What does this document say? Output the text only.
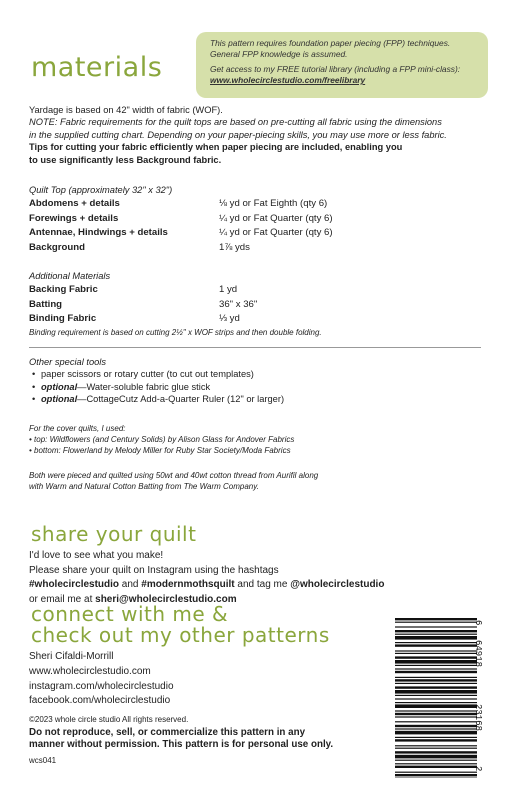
This pattern requires foundation paper piecing (FPP) techniques.
General FPP knowledge is assumed.
Get access to my FREE tutorial library (including a FPP mini-class):
www.wholecirclestudio.com/freelibrary
materials
Yardage is based on 42" width of fabric (WOF).
NOTE: Fabric requirements for the quilt tops are based on pre-cutting all fabric using the dimensions
in the supplied cutting chart. Depending on your paper-piecing skills, you may use more or less fabric.
Tips for cutting your fabric efficiently when paper piecing are included, enabling you
to use significantly less Background fabric.
Quilt Top (approximately 32" x 32")
Abdomens + details	⅛ yd or Fat Eighth (qty 6)
Forewings + details	¼ yd or Fat Quarter (qty 6)
Antennae, Hindwings + details	¼ yd or Fat Quarter (qty 6)
Background	1⅞ yds
Additional Materials
Backing Fabric	1 yd
Batting	36" x 36"
Binding Fabric	⅓ yd
Binding requirement is based on cutting 2½" x WOF strips and then double folding.
Other special tools
• paper scissors or rotary cutter (to cut out templates)
• optional—Water-soluble fabric glue stick
• optional—CottageCutz Add-a-Quarter Ruler (12" or larger)
For the cover quilts, I used:
• top: Wildflowers (and Century Solids) by Alison Glass for Andover Fabrics
• bottom: Flowerland by Melody Miller for Ruby Star Society/Moda Fabrics
Both were pieced and quilted using 50wt and 40wt cotton thread from Aurifil along
with Warm and Natural Cotton Batting from The Warm Company.
share your quilt
I'd love to see what you make!
Please share your quilt on Instagram using the hashtags
#wholecirclestudio and #modernmothsquilt and tag me @wholecirclestudio
or email me at sheri@wholecirclestudio.com
connect with me &
check out my other patterns
Sheri Cifaldi-Morrill
www.wholecirclestudio.com
instagram.com/wholecirclestudio
facebook.com/wholecirclestudio
©2023 whole circle studio All rights reserved.
Do not reproduce, sell, or commercialize this pattern in any
manner without permission. This pattern is for personal use only.
wcs041
6
64918
23168
2
